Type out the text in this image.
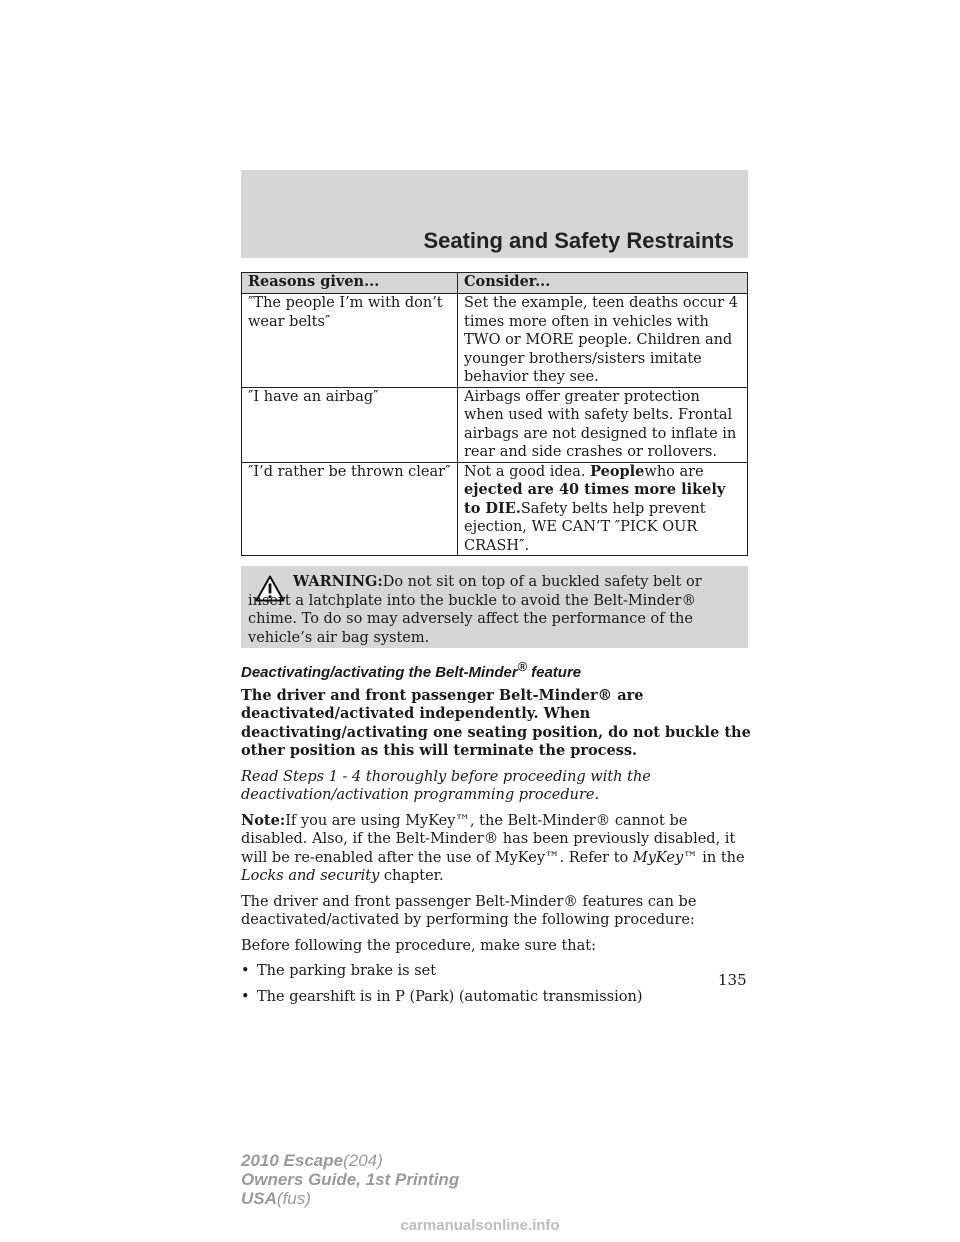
Seating and Safety Restraints
Reasons given...	Consider...
″The people I’m with don’t wear belts″	Set the example, teen deaths occur 4 times more often in vehicles with TWO or MORE people. Children and younger brothers/sisters imitate behavior they see.
″I have an airbag″	Airbags offer greater protection when used with safety belts. Frontal airbags are not designed to inflate in rear and side crashes or rollovers.
″I’d rather be thrown clear″	Not a good idea. Peoplewho are ejected are 40 times more likely to DIE.Safety belts help prevent ejection, WE CAN’T ″PICK OUR CRASH″.
WARNING:Do not sit on top of a buckled safety belt or insert a latchplate into the buckle to avoid the Belt-Minder® chime. To do so may adversely affect the performance of the vehicle’s air bag system.
Deactivating/activating the Belt-Minder® feature

The driver and front passenger Belt-Minder® are deactivated/activated independently. When deactivating/activating one seating position, do not buckle the other position as this will terminate the process.

Read Steps 1 - 4 thoroughly before proceeding with the deactivation/activation programming procedure.

Note:If you are using MyKey™, the Belt-Minder® cannot be disabled. Also, if the Belt-Minder® has been previously disabled, it will be re-enabled after the use of MyKey™. Refer to MyKey™ in the Locks and security chapter.

The driver and front passenger Belt-Minder® features can be deactivated/activated by performing the following procedure:

Before following the procedure, make sure that:

• The parking brake is set
• The gearshift is in P (Park) (automatic transmission)
135
2010 Escape(204)
Owners Guide, 1st Printing
USA(fus)
carmanualsonline.info
